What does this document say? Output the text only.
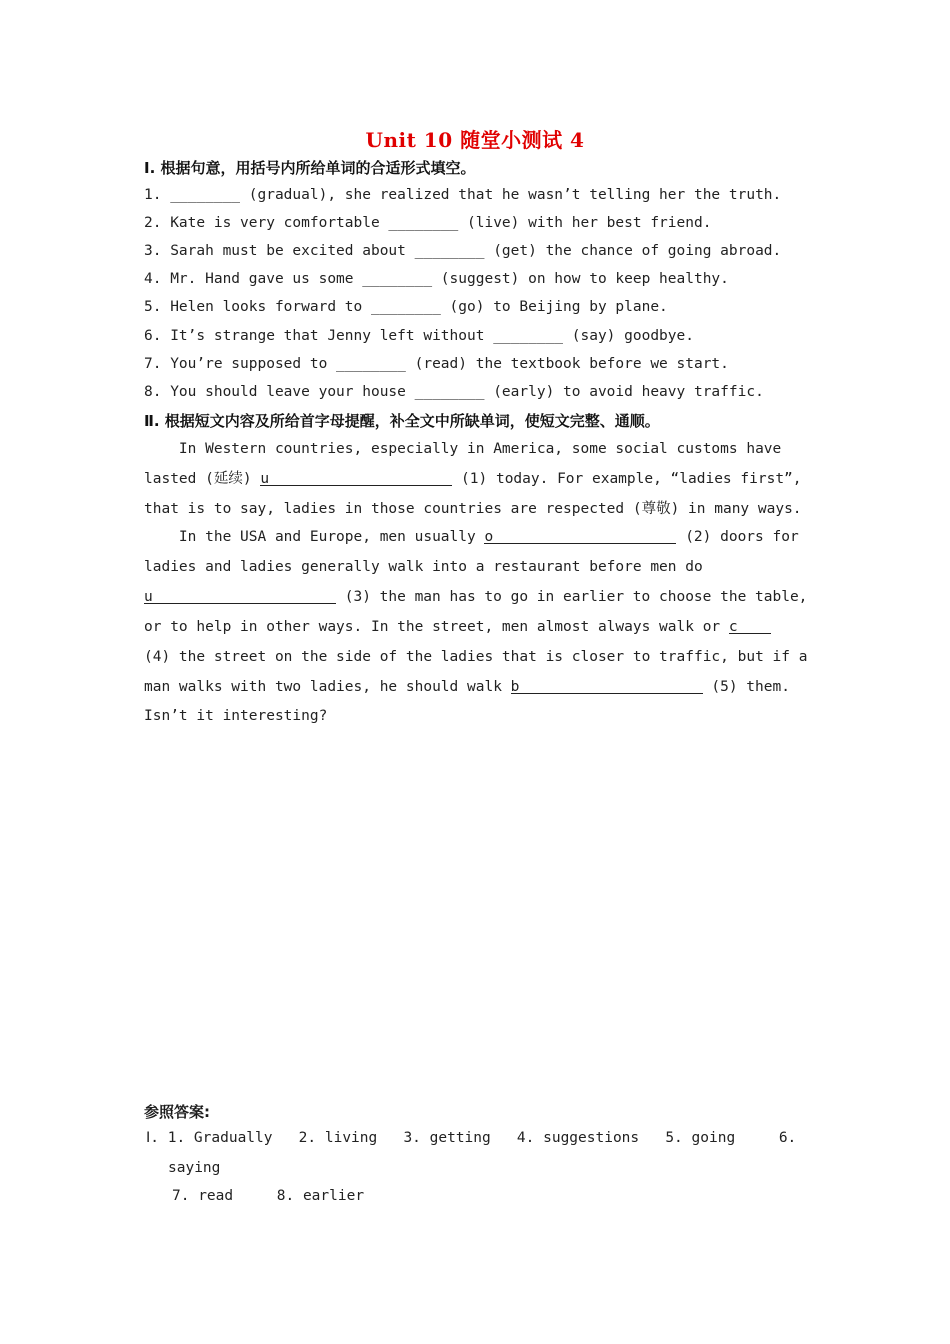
Unit 10 随堂小测试 4
Ⅰ. 根据句意，用括号内所给单词的合适形式填空。
1. ________ (gradual), she realized that he wasn’t telling her the truth.
2. Kate is very comfortable ________ (live) with her best friend.
3. Sarah must be excited about ________ (get) the chance of going abroad.
4. Mr. Hand gave us some ________ (suggest) on how to keep healthy.
5. Helen looks forward to ________ (go) to Beijing by plane.
6. It’s strange that Jenny left without ________ (say) goodbye.
7. You’re supposed to ________ (read) the textbook before we start.
8. You should leave your house ________ (early) to avoid heavy traffic.
Ⅱ. 根据短文内容及所给首字母提醒，补全文中所缺单词，使短文完整、通顺。
In Western countries, especially in America, some social customs have
lasted (延续) u	(1) today. For example, “ladies first”,
that is to say, ladies in those countries are respected (尊敬) in many ways.
In the USA and Europe, men usually o	(2) doors for
ladies and ladies generally walk into a restaurant before men do
u	(3) the man has to go in earlier to choose the table,
or to help in other ways. In the street, men almost always walk or c
(4) the street on the side of the ladies that is closer to traffic, but if a
man walks with two ladies, he should walk b	(5) them.
Isn’t it interesting?
参照答案:
Ⅰ. 1. Gradually   2. living   3. getting   4. suggestions   5. going     6.
saying
7. read     8. earlier
